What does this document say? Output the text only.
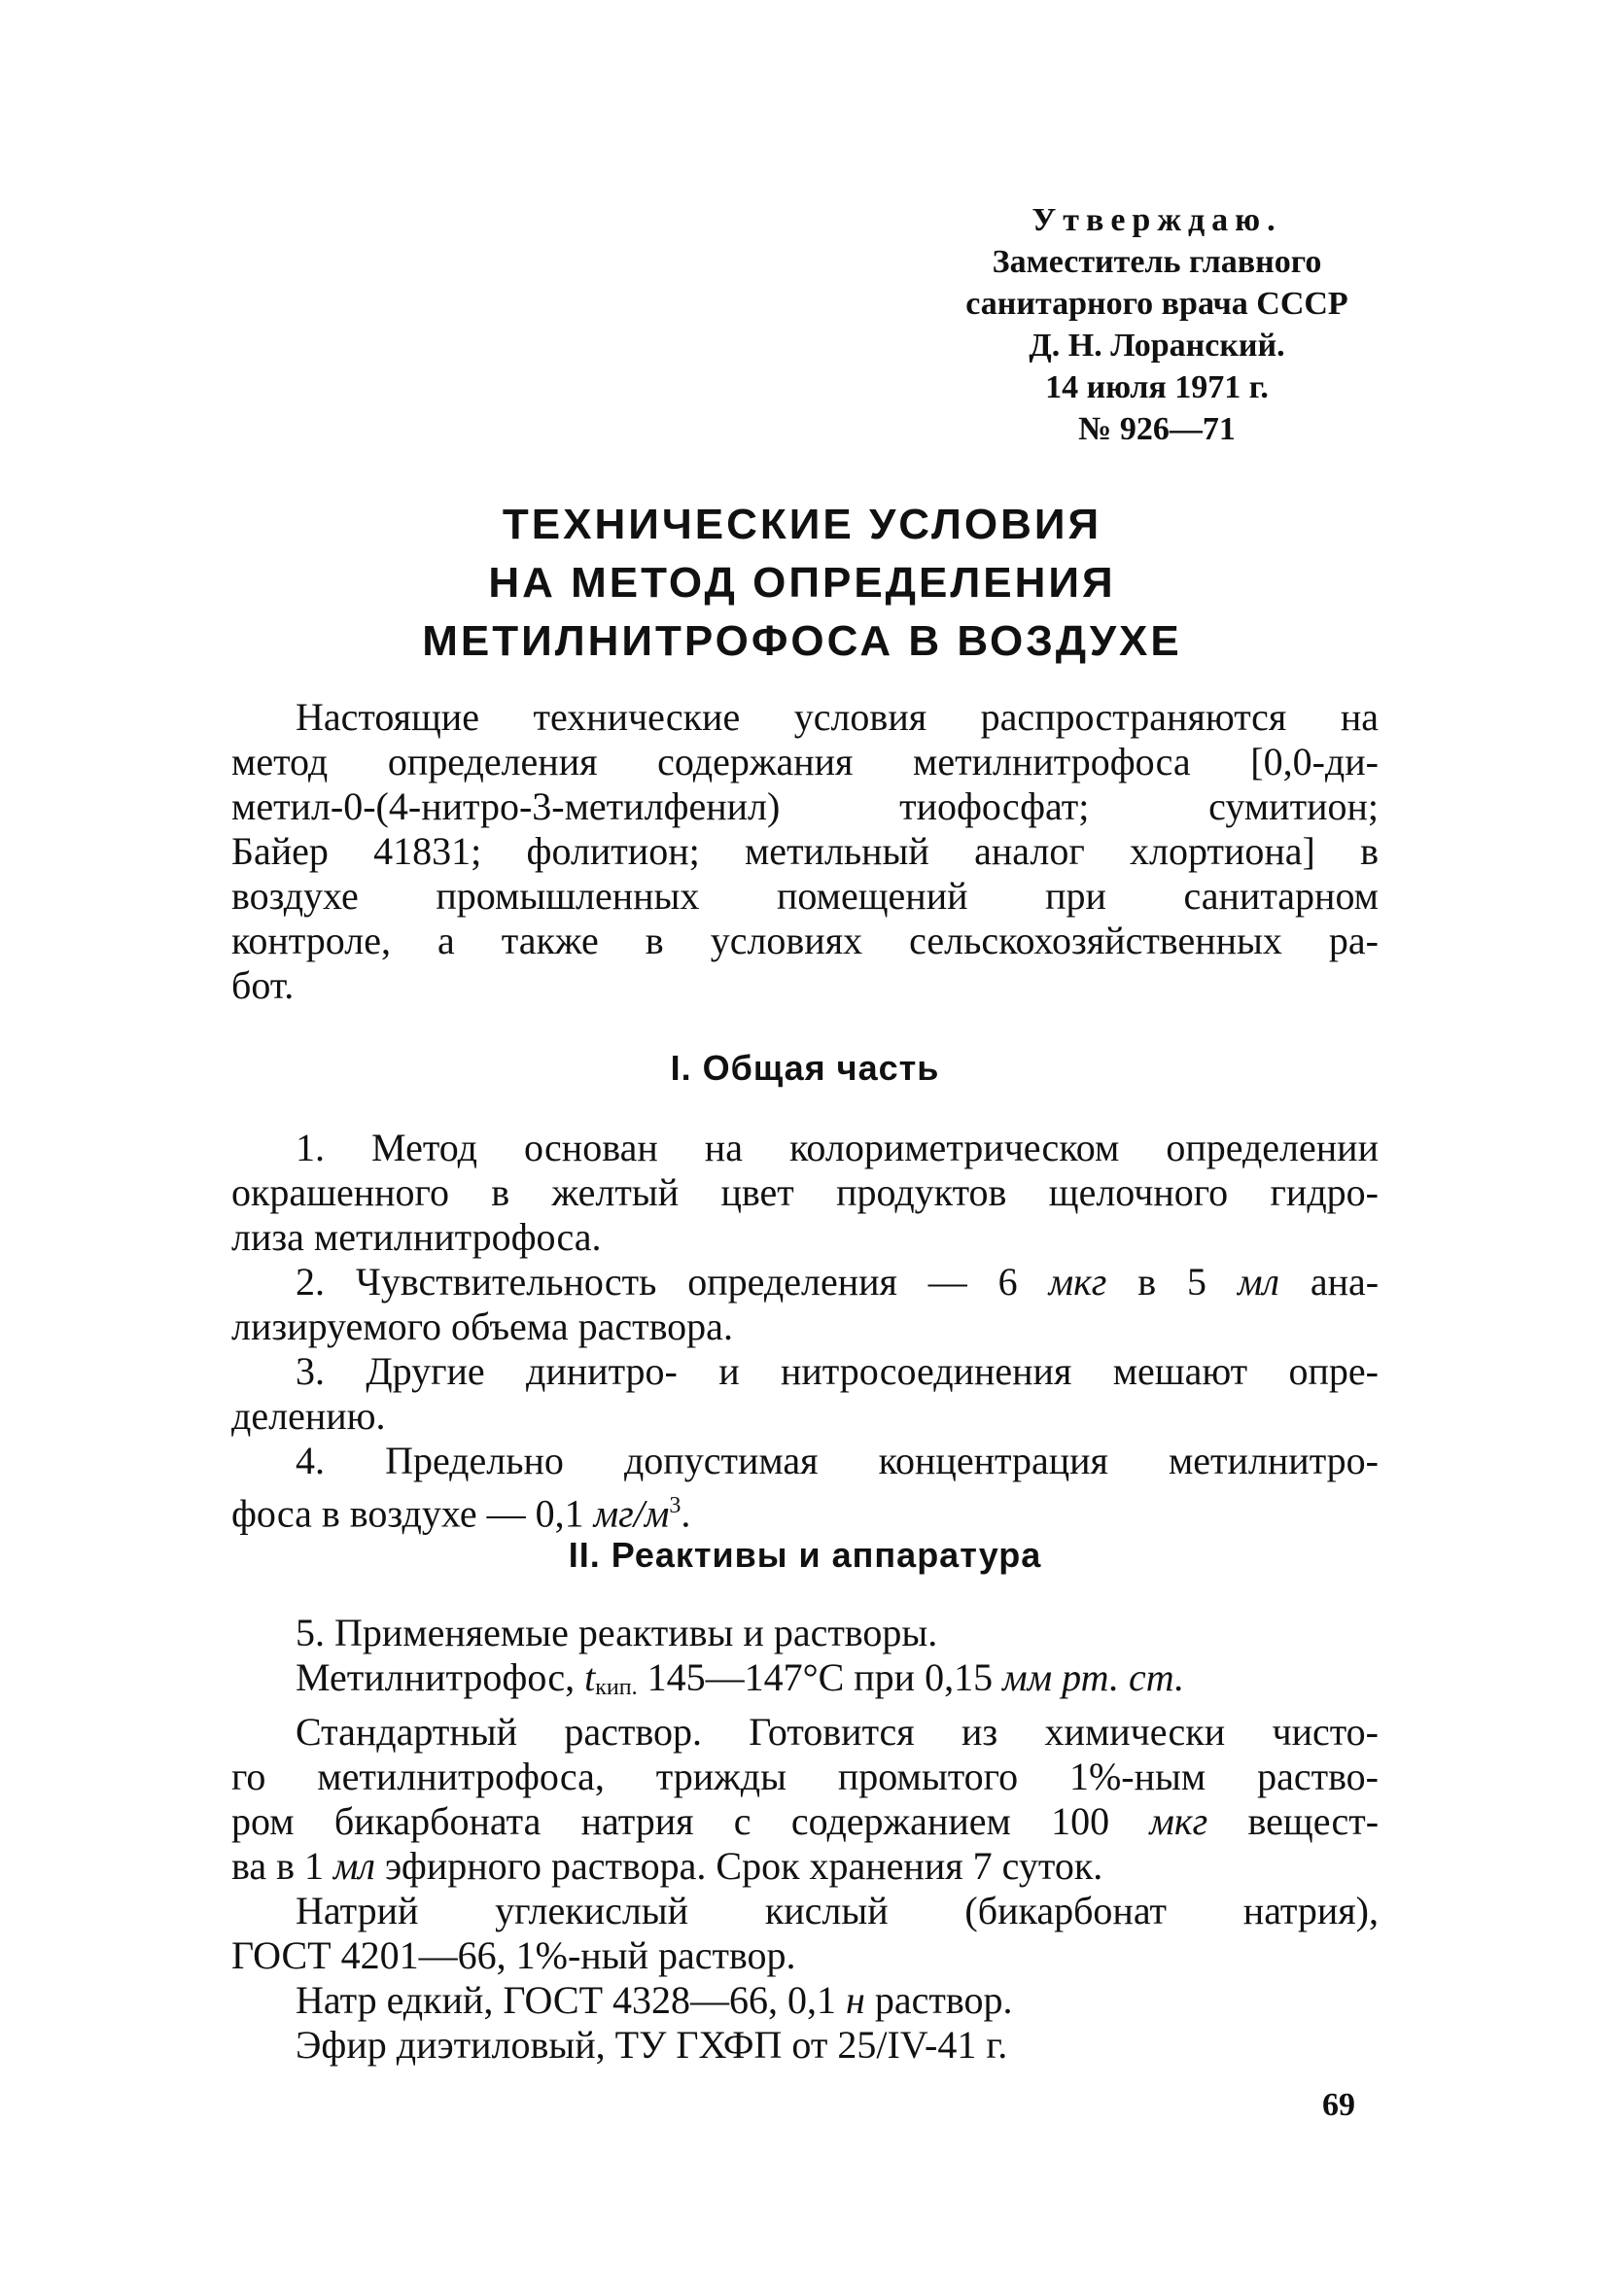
Утверждаю.
Заместитель главного
санитарного врача СССР
Д. Н. Лоранский.
14 июля 1971 г.
№ 926—71
ТЕХНИЧЕСКИЕ УСЛОВИЯ
НА МЕТОД ОПРЕДЕЛЕНИЯ
МЕТИЛНИТРОФОСА В ВОЗДУХЕ
Настоящие технические условия распространяются на
метод определения содержания метилнитрофоса [0,0-ди-
метил-0-(4-нитро-3-метилфенил) тиофосфат; сумитион;
Байер 41831; фолитион; метильный аналог хлортиона] в
воздухе промышленных помещений при санитарном
контроле, а также в условиях сельскохозяйственных ра-
бот.
I. Общая часть
1. Метод основан на колориметрическом определении
окрашенного в желтый цвет продуктов щелочного гидро-
лиза метилнитрофоса.
2. Чувствительность определения — 6 мкг в 5 мл ана-
лизируемого объема раствора.
3. Другие динитро- и нитросоединения мешают опре-
делению.
4. Предельно допустимая концентрация метилнитро-
фоса в воздухе — 0,1 $мг/м^3$.
II. Реактивы и аппаратура
5. Применяемые реактивы и растворы.
Метилнитрофос, $t_{кип.}$ 145—147°С при 0,15 мм рт. ст.
Стандартный раствор. Готовится из химически чисто-
го метилнитрофоса, трижды промытого 1%-ным раство-
ром бикарбоната натрия с содержанием 100 мкг вещест-
ва в 1 мл эфирного раствора. Срок хранения 7 суток.
Натрий углекислый кислый (бикарбонат натрия),
ГОСТ 4201—66, 1%-ный раствор.
Натр едкий, ГОСТ 4328—66, 0,1 н раствор.
Эфир диэтиловый, ТУ ГХФП от 25/IV-41 г.
69
